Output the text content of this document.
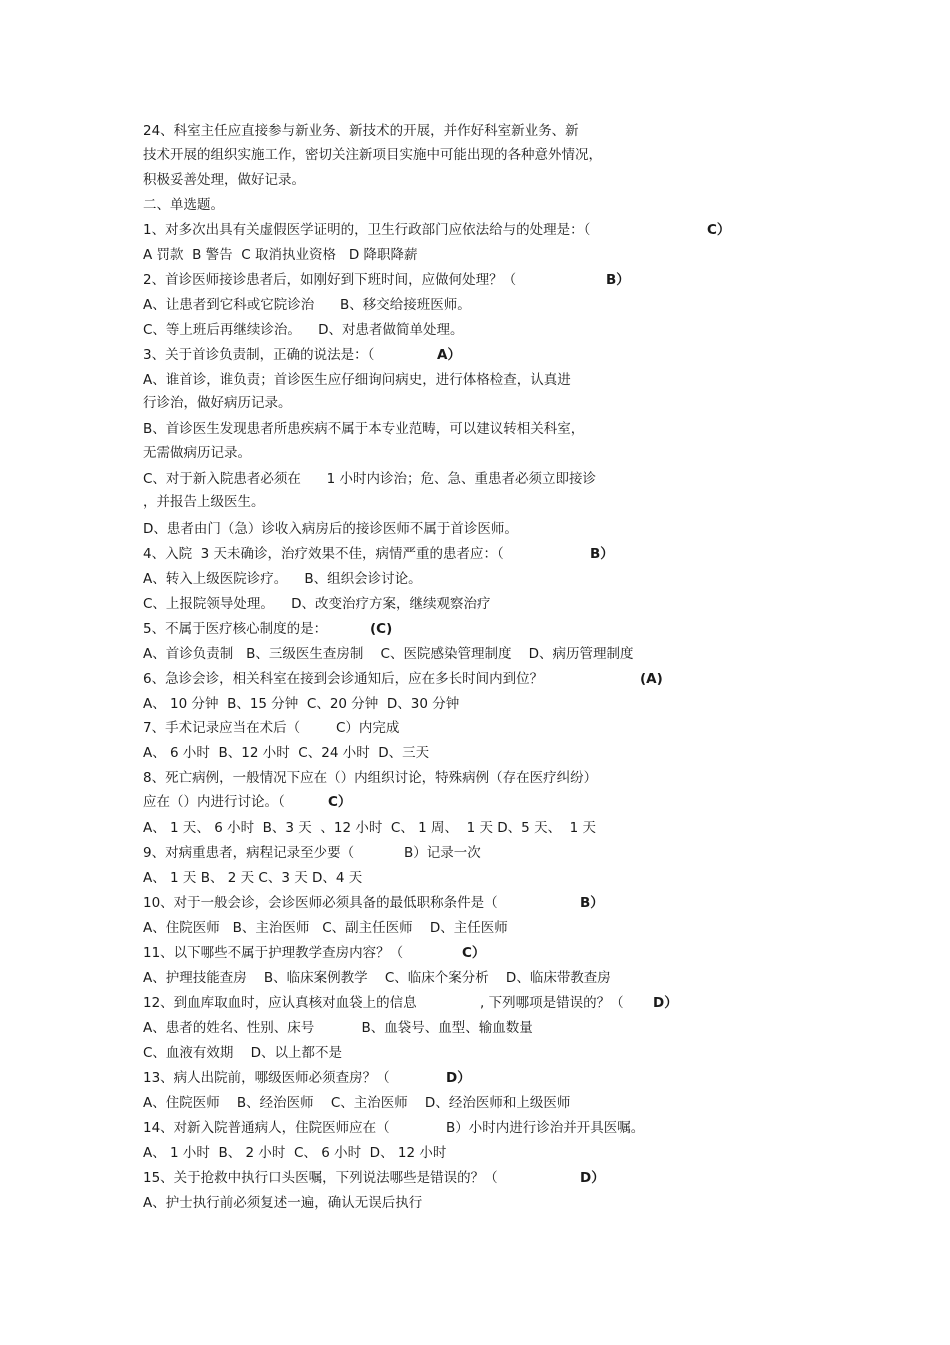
24、科室主任应直接参与新业务、新技术的开展，并作好科室新业务、新

技术开展的组织实施工作，密切关注新项目实施中可能出现的各种意外情况，

积极妥善处理，做好记录。

二、单选题。

1、对多次出具有关虚假医学证明的，卫生行政部门应依法给与的处理是：（	C）

A 罚款  B 警告  C 取消执业资格   D 降职降薪

2、首诊医师接诊患者后，如刚好到下班时间，应做何处理？（	B）

A、让患者到它科或它院诊治      B、移交给接班医师。

C、等上班后再继续诊治。    D、对患者做简单处理。

3、关于首诊负责制，正确的说法是：（	A）

A、谁首诊，谁负责；首诊医生应仔细询问病史，进行体格检查，认真进

行诊治，做好病历记录。

B、首诊医生发现患者所患疾病不属于本专业范畴，可以建议转相关科室，

无需做病历记录。

C、对于新入院患者必须在      1 小时内诊治；危、急、重患者必须立即接诊

，并报告上级医生。

D、患者由门（急）诊收入病房后的接诊医师不属于首诊医师。

4、入院  3 天未确诊，治疗效果不佳，病情严重的患者应：（	B）

A、转入上级医院诊疗。    B、组织会诊讨论。

C、上报院领导处理。    D、改变治疗方案，继续观察治疗

5、不属于医疗核心制度的是：	(C)

A、首诊负责制   B、三级医生查房制    C、医院感染管理制度    D、病历管理制度

6、急诊会诊，相关科室在接到会诊通知后，应在多长时间内到位？	(A)

A、 10 分钟  B、15 分钟  C、20 分钟  D、30 分钟

7、手术记录应当在术后（	C）内完成

A、 6 小时  B、12 小时  C、24 小时  D、三天

8、死亡病例，一般情况下应在（）内组织讨论，特殊病例（存在医疗纠纷）

应在（）内进行讨论。（	C）

A、 1 天、 6 小时  B、3 天  、12 小时  C、 1 周、  1 天 D、5 天、  1 天

9、对病重患者，病程记录至少要（	B）记录一次

A、 1 天 B、 2 天 C、3 天 D、4 天

10、对于一般会诊，会诊医师必须具备的最低职称条件是（	B）

A、住院医师   B、主治医师   C、副主任医师    D、主任医师

11、以下哪些不属于护理教学查房内容？（	C）

A、护理技能查房    B、临床案例教学    C、临床个案分析    D、临床带教查房

12、到血库取血时，应认真核对血袋上的信息	, 下列哪项是错误的？（ D）

A、患者的姓名、性别、床号           B、血袋号、血型、输血数量

C、血液有效期    D、以上都不是

13、病人出院前，哪级医师必须查房？（	D）

A、住院医师    B、经治医师    C、主治医师    D、经治医师和上级医师

14、对新入院普通病人，住院医师应在（	B）小时内进行诊治并开具医嘱。

A、 1 小时  B、 2 小时  C、 6 小时  D、 12 小时

15、关于抢救中执行口头医嘱，下列说法哪些是错误的？（	D）

A、护士执行前必须复述一遍，确认无误后执行
